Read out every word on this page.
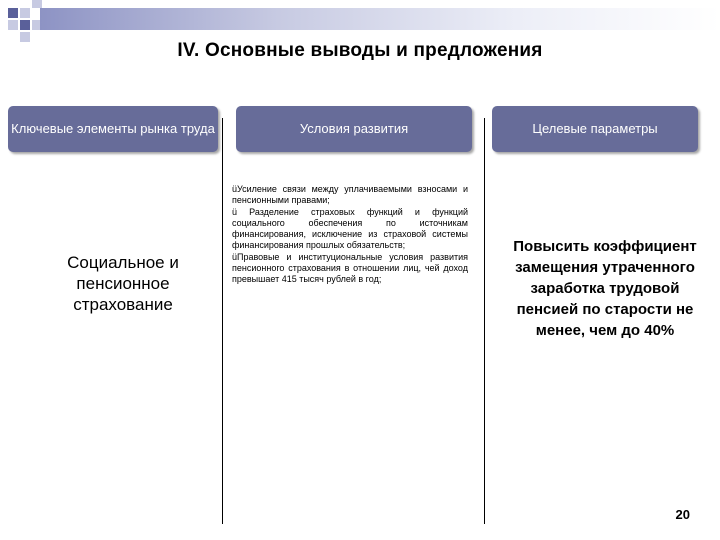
IV. Основные выводы и предложения
Ключевые элементы рынка труда	Условия развития	Целевые параметры
Социальное и пенсионное страхование

üУсиление связи между уплачиваемыми взносами и пенсионными правами;

ü Разделение страховых функций и функций социального обеспечения по источникам финансирования, исключение из страховой системы финансирования прошлых обязательств;

üПравовые и институциональные условия развития пенсионного страхования в отношении лиц, чей доход превышает 415 тысяч рублей в год;

Повысить коэффициент замещения утраченного заработка трудовой пенсией по старости не менее, чем до 40%
20
